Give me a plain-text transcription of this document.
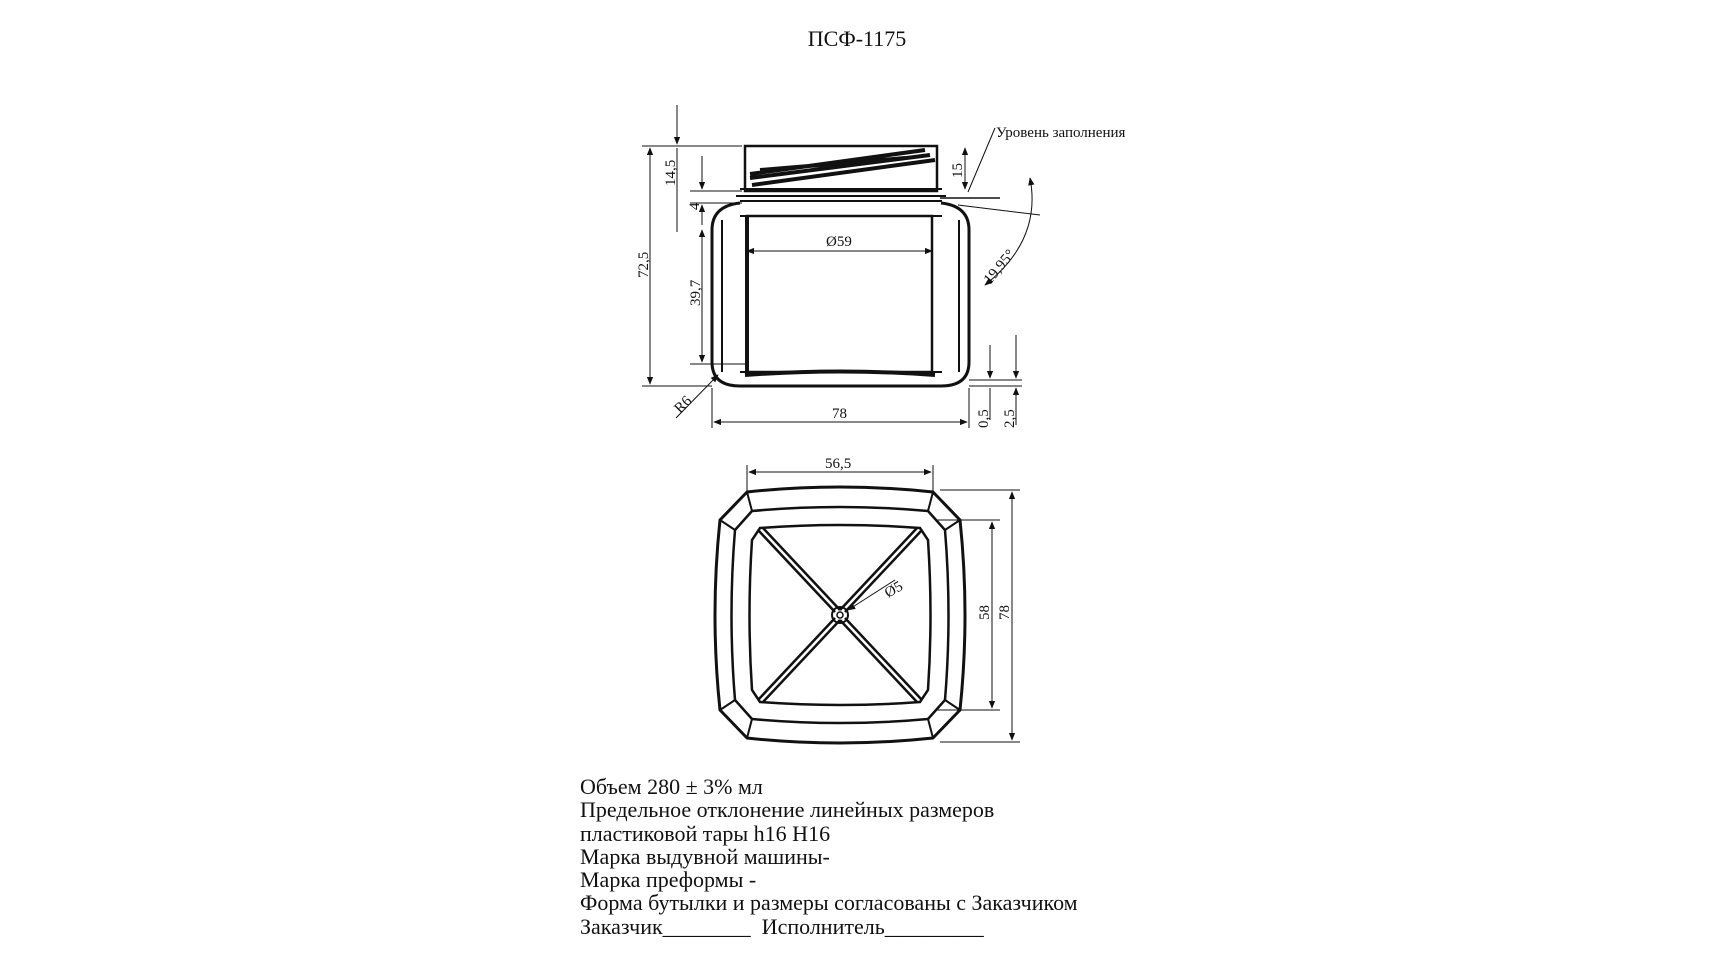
ПСФ-1175
Уровень заполнения
14,5
72,5
4
39,7
15
19,95°
Ø59
R6	78	0,5 2,5
56,5
Ø5
58 78
Объем 280 ± 3% мл
Предельное отклонение линейных размеров
пластиковой тары h16 H16
Марка выдувной машины-
Марка преформы -
Форма бутылки и размеры согласованы с Заказчиком
Заказчик________  Исполнитель_________
